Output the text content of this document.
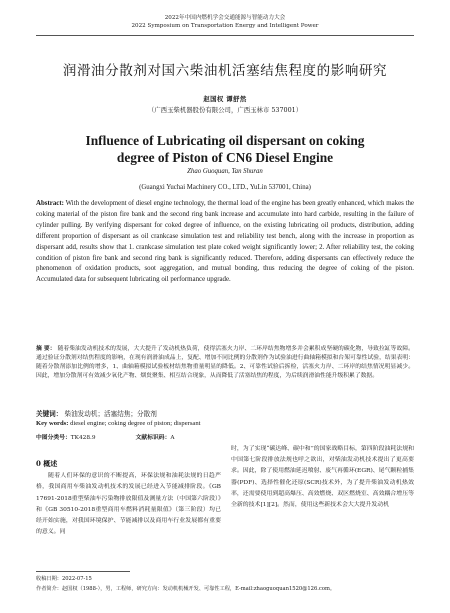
2022年中国内燃机学会交通能源与智能动力大会
2022 Symposium on Transportation Energy and Intelligent Power
润滑油分散剂对国六柴油机活塞结焦程度的影响研究
赵国权 谭舒然
（广西玉柴机器股份有限公司，广西玉林市 537001）
Influence of Lubricating oil dispersant on coking
degree of Piston of CN6 Diesel Engine
Zhao Guoquan, Tan Shuran
(Guangxi Yuchai Machinery CO., LTD., YuLin 537001, China)
Abstract: With the development of diesel engine technology, the thermal load of the engine has been greatly enhanced, which makes the coking material of the piston fire bank and the second ring bank increase and accumulate into hard carbide, resulting in the failure of cylinder pulling. By verifying dispersant for coked degree of influence, on the existing lubricating oil products, distribution, adding different proportion of dispersant as oil crankcase simulation test and reliability test bench, along with the increase in proportion as dispersant add, results show that 1. crankcase simulation test plate coked weight significantly lower; 2. After reliability test, the coking condition of piston fire bank and second ring bank is significantly reduced. Therefore, adding dispersants can effectively reduce the phenomenon of oxidation products, soot aggregation, and mutual bonding, thus reducing the degree of coking of the piston. Accumulated data for subsequent lubricating oil performance upgrade.
摘 要： 随着柴油发动机技术的发展，大大提升了发动机热负荷，使得活塞火力岸、二环岸结焦物增多并会累积成坚硬的碳化物，导致拉缸等故障。通过验证分散剂对结焦程度的影响，在现有润滑油成品上，复配、增加不同比例的分散剂作为试验油进行曲轴箱模拟和台架可靠性试验，结果表明：随着分散剂添加比例的增多，1、曲轴箱模拟试验板材结焦物重量明显的降低。2、可靠性试验后拆检，活塞火力岸、二环岸的结焦情况明显减少。因此，增加分散剂可有效减少氧化产物、烟炱聚集、相互结合现象，从而降低了活塞结焦的程度，为后续润滑油性能升级积累了数据。
关键词： 柴油发动机；活塞结焦；分散剂
Key words: diesel engine; coking degree of piston; dispersant
中图分类号：TK428.9	文献标识码：A
0 概述
随着人们环保的意识的不断提高，环保法规和油耗法规的日趋严格，我国商用车柴油发动机技术的发展已经进入节能减排阶段。《GB 17691-2018重型柴油车污染物排放限值及测量方法（中国第六阶段）》和《GB 30510-2018重型商用车燃料消耗量限值》（第三阶段）均已经开始实施，对我国环境保护、节能减排以及商用车行业发展都有重要的意义。同
时，为了实现“碳达峰、碳中和”的国家战略目标，第四阶段油耗法规和中国第七阶段排放法规也呼之欲出，对柴油发动机技术提出了更高要求。因此，除了使用燃油延迟喷射、废气再循环(EGR)、尾气颗粒捕集器(PDF)、选择性催化还原(SCR)技术外，为了提升柴油发动机热效率，还需要使用到超高爆压、高效燃烧、双区燃烧室、高效耦合增压等全新的技术[1][2]。然而，使用这些新技术会大大提升发动机
收稿日期：2022-07-15
作者简介：赵国权（1988-），男，工程师，研究方向：发动机机械开发、可靠性工程，E-mail:zhaoguoquan1520@126.com。
